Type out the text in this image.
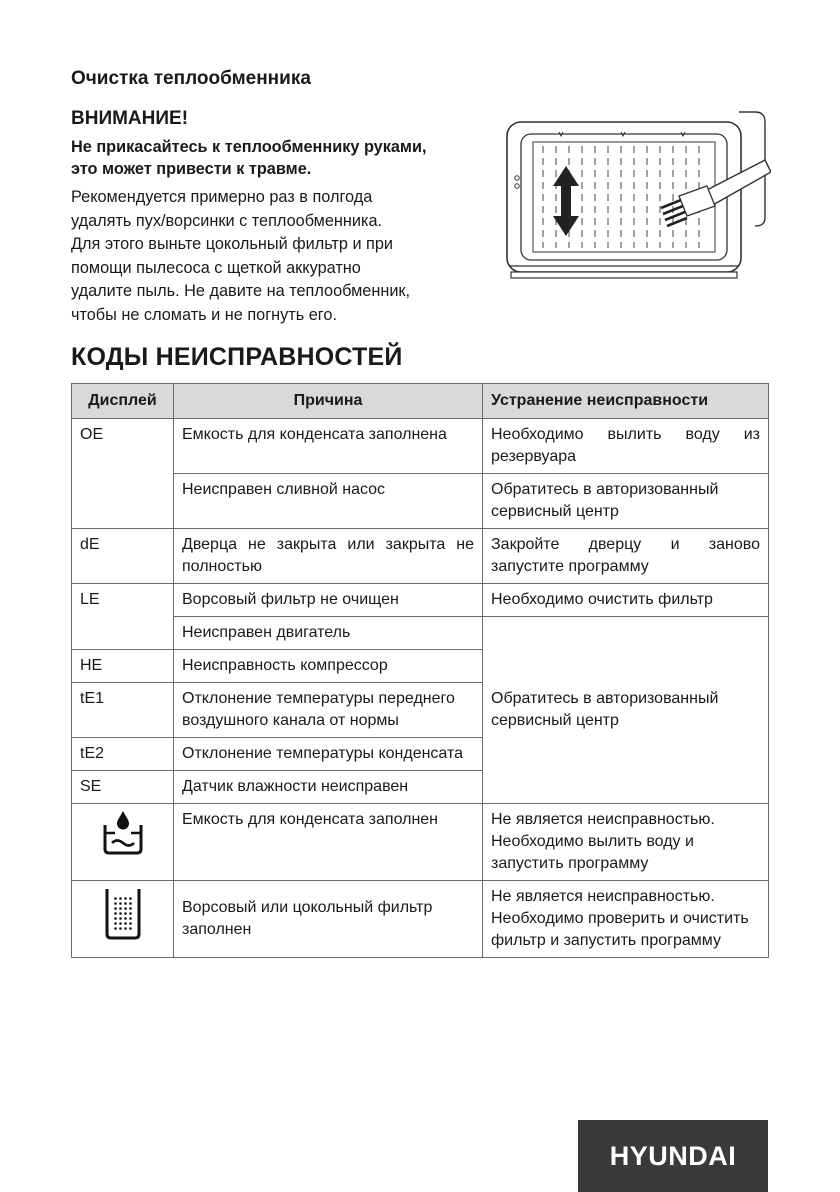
Очистка теплообменника
ВНИМАНИЕ!

Не прикасайтесь к теплообменнику руками,
это может привести к травме.

Рекомендуется примерно раз в полгода
удалять пух/ворсинки с теплообменника.
Для этого выньте цокольный фильтр и при
помощи пылесоса с щеткой аккуратно
удалите пыль. Не давите на теплообменник,
чтобы не сломать и не погнуть его.

КОДЫ НЕИСПРАВНОСТЕЙ
Дисплей	Причина	Устранение неисправности
OE	Емкость для конденсата заполнена	Необходимо вылить воду из резервуара
	Неисправен сливной насос	Обратитесь в авторизованный сервисный центр
dE	Дверца не закрыта или закрыта не полностью	Закройте дверцу и заново запустите программу
LE	Ворсовый фильтр не очищен	Необходимо очистить фильтр
	Неисправен двигатель	Обратитесь в авторизованный сервисный центр
HE	Неисправность компрессор	
tE1	Отклонение температуры переднего воздушного канала от нормы	
tE2	Отклонение температуры конденсата	
SE	Датчик влажности неисправен	

	Емкость для конденсата заполнен	Не является неисправностью. Необходимо вылить воду и запустить программу

	Ворсовый или цокольный фильтр заполнен	Не является неисправностью. Необходимо проверить и очистить фильтр и запустить программу
HYUNDAI
